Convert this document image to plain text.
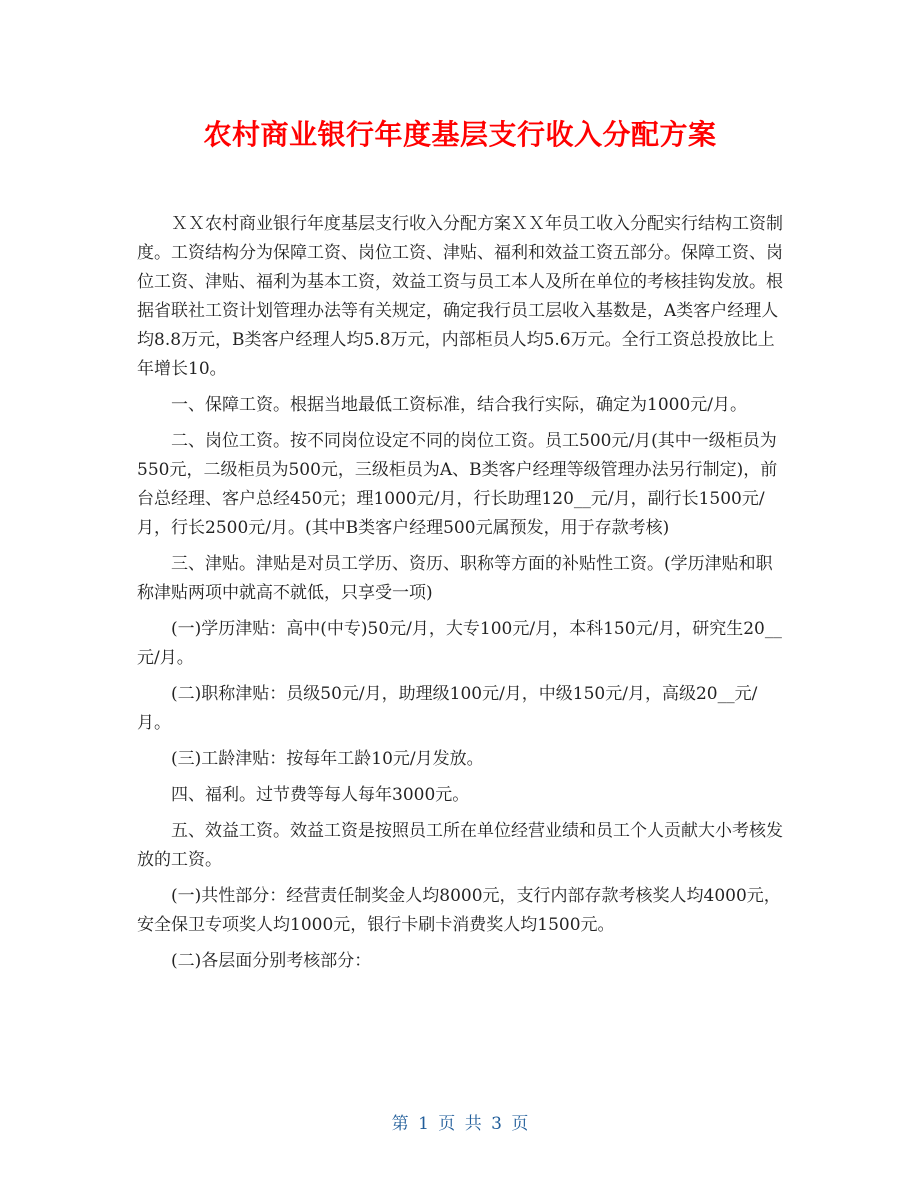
农村商业银行年度基层支行收入分配方案

ＸＸ农村商业银行年度基层支行收入分配方案ＸＸ年员工收入分配实行结构工资制度。工资结构分为保障工资、岗位工资、津贴、福利和效益工资五部分。保障工资、岗位工资、津贴、福利为基本工资，效益工资与员工本人及所在单位的考核挂钩发放。根据省联社工资计划管理办法等有关规定，确定我行员工层收入基数是，A类客户经理人均8.8万元，B类客户经理人均5.8万元，内部柜员人均5.6万元。全行工资总投放比上年增长10。

一、保障工资。根据当地最低工资标准，结合我行实际，确定为1000元/月。

二、岗位工资。按不同岗位设定不同的岗位工资。员工500元/月(其中一级柜员为550元，二级柜员为500元，三级柜员为A、B类客户经理等级管理办法另行制定)，前台总经理、客户总经450元；理1000元/月，行长助理120__元/月，副行长1500元/月，行长2500元/月。(其中B类客户经理500元属预发，用于存款考核)

三、津贴。津贴是对员工学历、资历、职称等方面的补贴性工资。(学历津贴和职称津贴两项中就高不就低，只享受一项)

(一)学历津贴：高中(中专)50元/月，大专100元/月，本科150元/月，研究生20__元/月。

(二)职称津贴：员级50元/月，助理级100元/月，中级150元/月，高级20__元/月。

(三)工龄津贴：按每年工龄10元/月发放。

四、福利。过节费等每人每年3000元。

五、效益工资。效益工资是按照员工所在单位经营业绩和员工个人贡献大小考核发放的工资。

(一)共性部分：经营责任制奖金人均8000元，支行内部存款考核奖人均4000元，安全保卫专项奖人均1000元，银行卡刷卡消费奖人均1500元。

(二)各层面分别考核部分：

第 1 页 共 3 页
